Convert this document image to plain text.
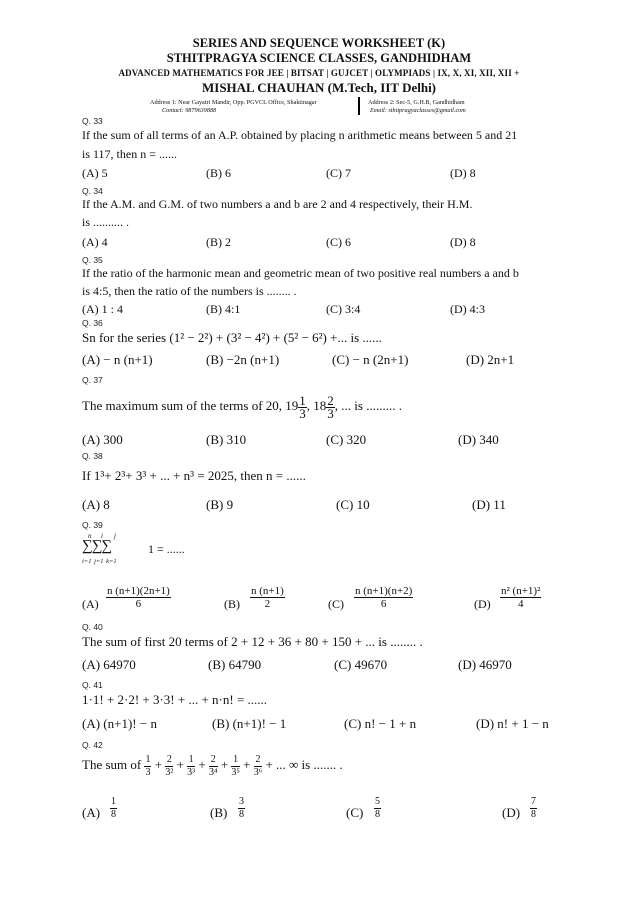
SERIES AND SEQUENCE WORKSHEET (K)
STHITPRAGYA SCIENCE CLASSES, GANDHIDHAM
ADVANCED MATHEMATICS FOR JEE | BITSAT | GUJCET | OLYMPIADS | IX, X, XI, XII, XII +
MISHAL CHAUHAN (M.Tech, IIT Delhi)
Address 1: Near Gayatri Mandir, Opp. PGVCL Office, Shaktinagar
Contact: 9879639888
Address 2: Sec-5, G.H.B, Gandhidham
Email: sthitpragyaclasses@gmail.com
Q. 33
If the sum of all terms of an A.P. obtained by placing n arithmetic means between 5 and 21
is 117, then n = ......
(A) 5	(B) 6	(C) 7	(D) 8
Q. 34
If the A.M. and G.M. of two numbers a and b are 2 and 4 respectively, their H.M.
is .......... .
(A) 4	(B) 2	(C) 6	(D) 8
Q. 35
If the ratio of the harmonic mean and geometric mean of two positive real numbers a and b
is 4:5, then the ratio of the numbers is ........ .
(A) 1 : 4	(B) 4:1	(C) 3:4	(D) 4:3
Q. 36
Sn for the series (1² − 2²) + (3² − 4²) + (5² − 6²) +... is ......
(A) − n (n+1)	(B) −2n (n+1)	(C) − n (2n+1)	(D) 2n+1
Q. 37
The maximum sum of the terms of 20, $19 \frac{1}{3}$ , $18 \frac{2}{3}$ , ... is ......... .
(A) 300	(B) 310	(C) 320	(D) 340
Q. 38
If 1³+ 2³+ 3³ + ... + n³ = 2025, then n = ......
(A) 8	(B) 9	(C) 10	(D) 11
Q. 39
n i j
∑∑∑
i=1 j=1 k=1
1 = ......
$(A) \frac{n (n+1)(2n+1)}{6}$	$(B) \frac{n (n+1)}{2}$	$(C) \frac{n (n+1)(n+2)}{6}$	$(D) \frac{\text{n² (n+1)²}}{4}$
Q. 40
The sum of first 20 terms of 2 + 12 + 36 + 80 + 150 + ... is ........ .
(A) 64970	(B) 64790	(C) 49670	(D) 46970
Q. 41
1·1! + 2·2! + 3·3! + ... + n·n! = ......
(A) (n+1)! − n	(B) (n+1)! − 1	(C) n! − 1 + n	(D) n! + 1 − n
Q. 42
The sum of $\frac{1}{3} + \frac{2}{\text{3²}} + \frac{1}{\text{3³}} + \frac{2}{\text{3⁴}} + \frac{1}{\text{3⁵}} + \frac{2}{\text{3⁶}}$ + ... ∞ is ....... .
$(A) \frac{1}{8}$	$(B) \frac{3}{8}$	$(C) \frac{5}{8}$	$(D) \frac{7}{8}$
